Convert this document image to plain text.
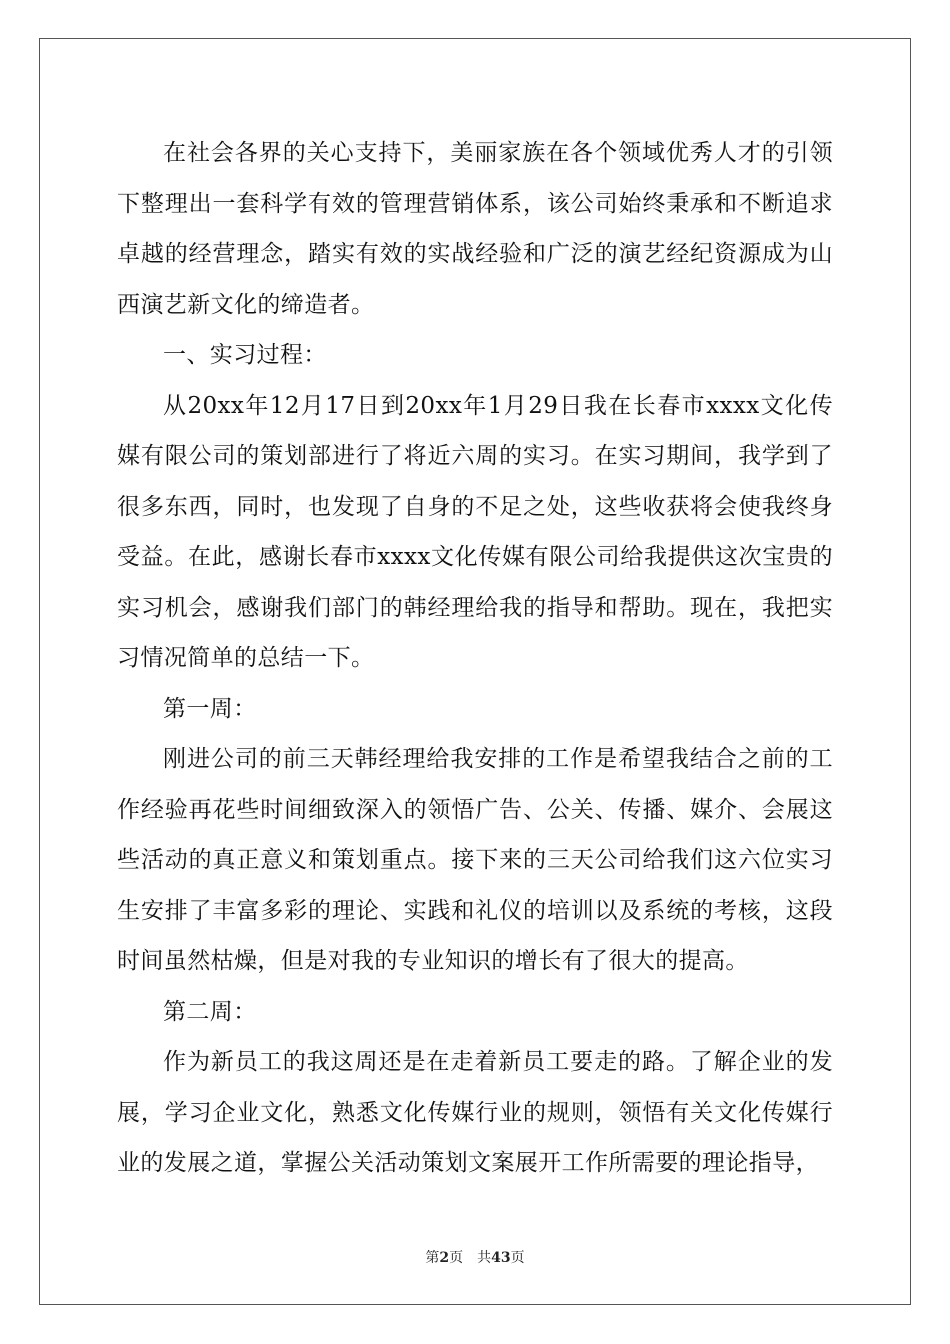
在社会各界的关心支持下，美丽家族在各个领域优秀人才的引领下整理出一套科学有效的管理营销体系，该公司始终秉承和不断追求卓越的经营理念，踏实有效的实战经验和广泛的演艺经纪资源成为山西演艺新文化的缔造者。

一、实习过程：

从20xx年12月17日到20xx年1月29日我在长春市xxxx文化传媒有限公司的策划部进行了将近六周的实习。在实习期间，我学到了很多东西，同时，也发现了自身的不足之处，这些收获将会使我终身受益。在此，感谢长春市xxxx文化传媒有限公司给我提供这次宝贵的实习机会，感谢我们部门的韩经理给我的指导和帮助。现在，我把实习情况简单的总结一下。

第一周：

刚进公司的前三天韩经理给我安排的工作是希望我结合之前的工作经验再花些时间细致深入的领悟广告、公关、传播、媒介、会展这些活动的真正意义和策划重点。接下来的三天公司给我们这六位实习生安排了丰富多彩的理论、实践和礼仪的培训以及系统的考核，这段时间虽然枯燥，但是对我的专业知识的增长有了很大的提高。

第二周：

作为新员工的我这周还是在走着新员工要走的路。了解企业的发展，学习企业文化，熟悉文化传媒行业的规则，领悟有关文化传媒行业的发展之道，掌握公关活动策划文案展开工作所需要的理论指导，

第2页 共43页
